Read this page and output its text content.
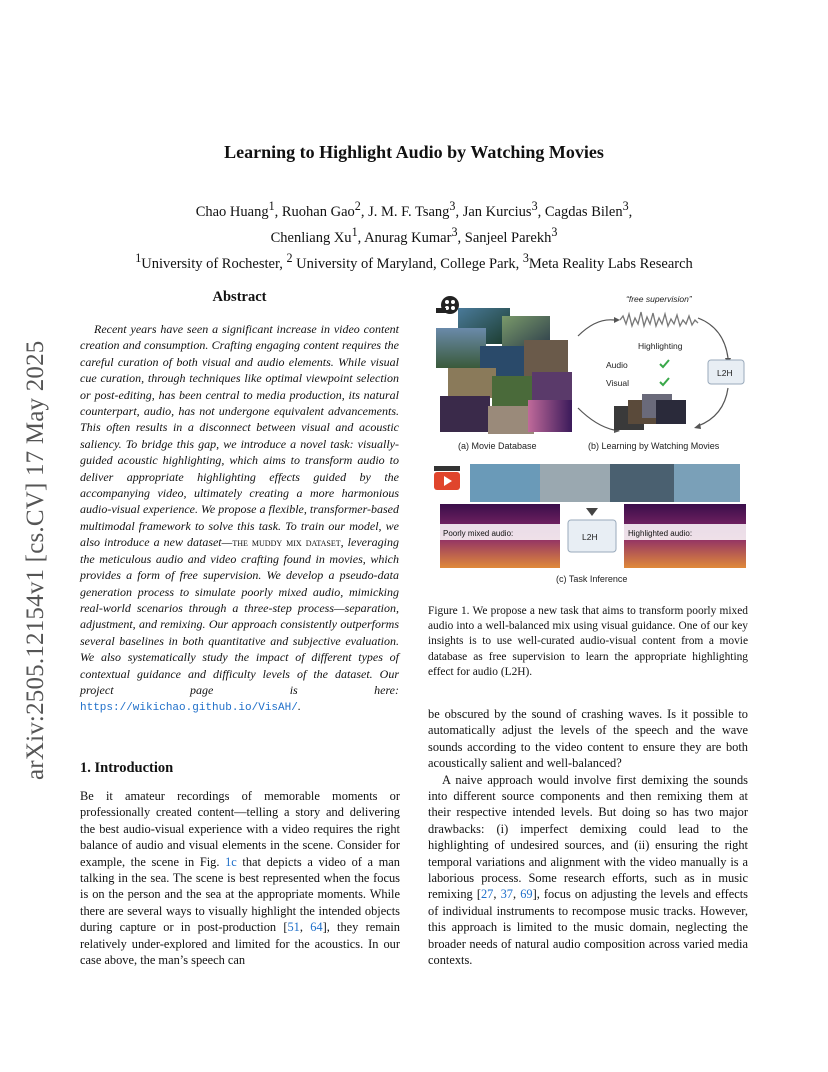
Learning to Highlight Audio by Watching Movies
Chao Huang$^1$, Ruohan Gao$^2$, J. M. F. Tsang$^3$, Jan Kurcius$^3$, Cagdas Bilen$^3$,
Chenliang Xu$^1$, Anurag Kumar$^3$, Sanjeel Parekh$^3$
$^1$University of Rochester, $^2$ University of Maryland, College Park, $^3$Meta Reality Labs Research
arXiv:2505.12154v1 [cs.CV] 17 May 2025
Abstract

Recent years have seen a significant increase in video content creation and consumption. Crafting engaging content requires the careful curation of both visual and audio elements. While visual cue curation, through techniques like optimal viewpoint selection or post-editing, has been central to media production, its natural counterpart, audio, has not undergone equivalent advancements. This often results in a disconnect between visual and acoustic saliency. To bridge this gap, we introduce a novel task: visually-guided acoustic highlighting, which aims to transform audio to deliver appropriate highlighting effects guided by the accompanying video, ultimately creating a more harmonious audio-visual experience. We propose a flexible, transformer-based multimodal framework to solve this task. To train our model, we also introduce a new dataset—the muddy mix dataset, leveraging the meticulous audio and video crafting found in movies, which provides a form of free supervision. We develop a pseudo-data generation process to simulate poorly mixed audio, mimicking real-world scenarios through a three-step process—separation, adjustment, and remixing. Our approach consistently outperforms several baselines in both quantitative and subjective evaluation. We also systematically study the impact of different types of contextual guidance and difficulty levels of the dataset. Our project page is here: https://wikichao.github.io/VisAH/.

1. Introduction

Be it amateur recordings of memorable moments or professionally created content—telling a story and delivering the best audio-visual experience with a video requires the right balance of audio and visual elements in the scene. Consider for example, the scene in Fig. 1c that depicts a video of a man talking in the sea. The scene is best represented when the focus is on the person and the sea at the appropriate moments. While there are several ways to visually highlight the intended objects during capture or in post-production [51, 64], they remain relatively under-explored and limited for the acoustics. In our case above, the man’s speech can

(a) Movie Database
“free supervision”
Highlighting
Audio
Visual
L2H
(b) Learning by Watching Movies
Poorly mixed audio:	Highlighted audio:
L2H
(c) Task Inference

Figure 1. We propose a new task that aims to transform poorly mixed audio into a well-balanced mix using visual guidance. One of our key insights is to use well-curated audio-visual content from a movie database as free supervision to learn the appropriate highlighting effect for audio (L2H).

be obscured by the sound of crashing waves. Is it possible to automatically adjust the levels of the speech and the wave sounds according to the video content to ensure they are both acoustically salient and well-balanced?

A naive approach would involve first demixing the sounds into different source components and then remixing them at their respective intended levels. But doing so has two major drawbacks: (i) imperfect demixing could lead to the highlighting of undesired sources, and (ii) ensuring the right temporal variations and alignment with the video manually is a laborious process. Some research efforts, such as in music remixing [27, 37, 69], focus on adjusting the levels and effects of individual instruments to recompose music tracks. However, this approach is limited to the music domain, neglecting the broader needs of natural audio composition across varied media contexts.
